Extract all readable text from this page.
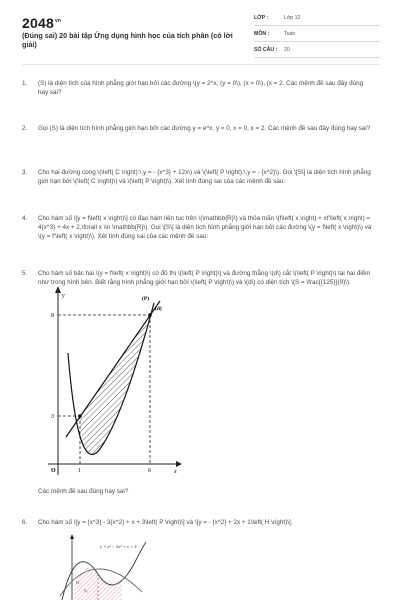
$2048^{vn}$
(Đúng sai) 20 bài tập Ứng dụng hình học của tích phân (có lời giải)
LỚP :	Lớp 12
MÔN :	Toán
SỐ CÂU : 20
1. (S) là diện tích của hình phẳng giới hạn bởi các đường \(y = 2^x, (y = 0\), (x = 0\), (x = 2. Các mệnh đề sau đây đúng hay sai?
2. Gọi (S) là diện tích hình phẳng giới hạn bởi các đường y = e^x, y = 0, x = 0, x = 2. Các mệnh đề sau đây đúng hay sai?
3. Cho hai đường cong \(\left( C \right):\,y = - {x^3} + 12x\) và \(\left( P \right):\,y = - {x^2}\). Gọi \[S\] là diện tích hình phẳng giới hạn bởi \(\left( C \right)\) và \(\left( P \right)\). Xét tính đúng sai của các mệnh đề sau:
4. Cho hàm số \[y = f\left( x \right)\] có đạo hàm liên tục trên \(\mathbb{R}\) và thỏa mãn \(f\left( x \right) + xf'\left( x \right) = 4{x^3} + 4x + 2,\forall x \in \mathbb{R}\). Gọi \[S\] là diện tích hình phẳng giới hạn bởi các đường \(y = f\left( x \right)\) và \(y = f'\left( x \right)\). Xét tính đúng sai của các mệnh đề sau:
5. Cho hàm số bậc hai \(y = f\left( x \right)\) có đồ thị \(\left( P \right)\) và đường thẳng \(d\) cắt \(\left( P \right)\) tại hai điểm như trong hình bên. Biết rằng hình phẳng giới hạn bởi \(\left( P \right)\) và \(d\) có diện tích \(S = \frac{{125}}{9}\).
y
x
(P)
(d)
8
3
O	1	6
Các mệnh đề sau đúng hay sai?
6. Cho hàm số \[y = {x^3} - 3{x^2} + x + 3\left( P \right)\] và \[y = - {x^2} + 2x + 1\left( H \right)\].
y = x³ − 3x² + x + 3
H
S₁
